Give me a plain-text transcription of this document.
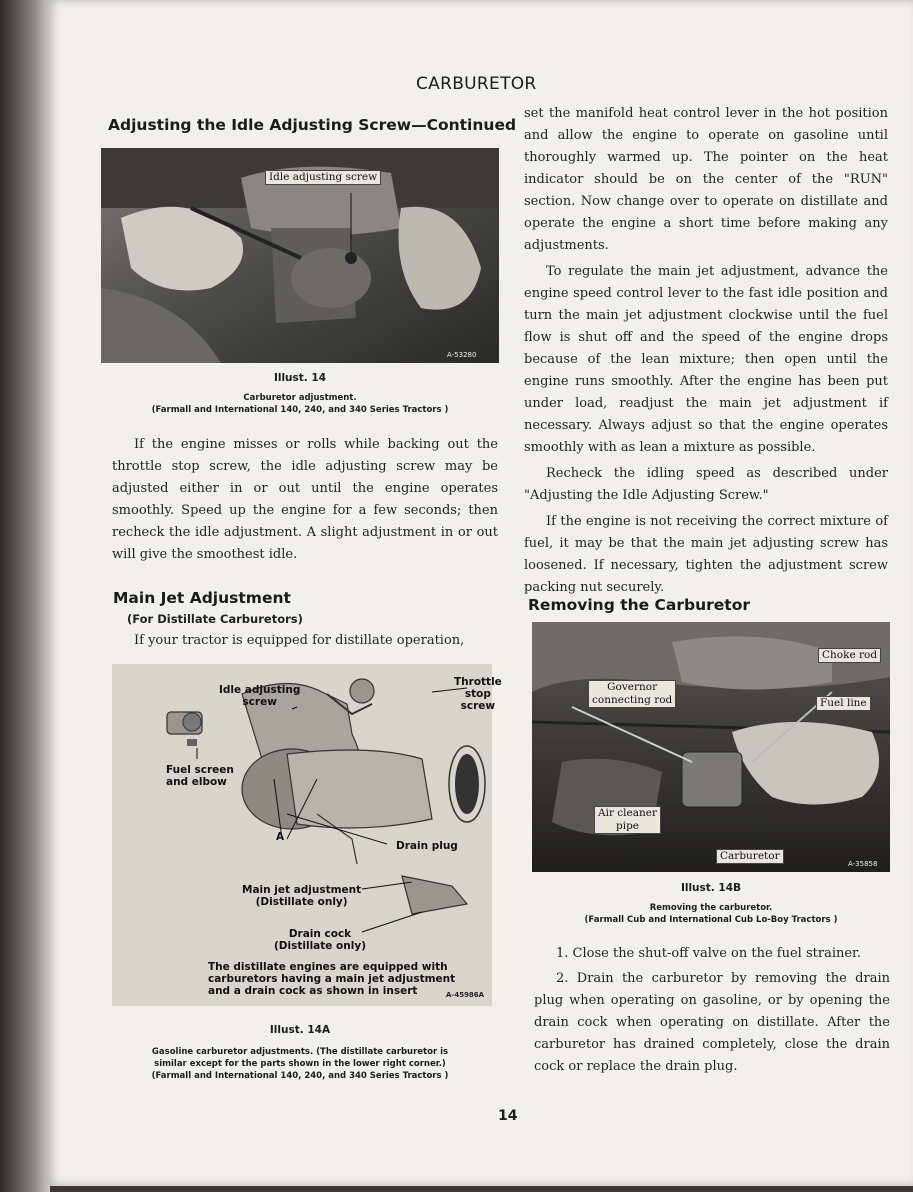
CARBURETOR
Adjusting the Idle Adjusting Screw—Continued
Idle adjusting screw
A-53280
Illust. 14
Carburetor adjustment.
(Farmall and International 140, 240, and 340 Series Tractors )

If the engine misses or rolls while backing out the throttle stop screw, the idle adjusting screw may be adjusted either in or out until the engine operates smoothly. Speed up the engine for a few seconds; then recheck the idle adjustment. A slight adjustment in or out will give the smoothest idle.

Main Jet Adjustment
(For Distillate Carburetors)

If your tractor is equipped for distillate operation,

Idle adjusting
screw
Throttle
stop
screw
Fuel screen
and elbow
A
Drain plug
Main jet adjustment
(Distillate only)
Drain cock
(Distillate only)
The distillate engines are equipped with
carburetors having a main jet adjustment
and a drain cock as shown in insert	A-45986A
Illust. 14A
Gasoline carburetor adjustments. (The distillate carburetor is
similar except for the parts shown in the lower right corner.)
(Farmall and International 140, 240, and 340 Series Tractors )

set the manifold heat control lever in the hot position and allow the engine to operate on gasoline until thoroughly warmed up. The pointer on the heat indicator should be on the center of the "RUN" section. Now change over to operate on distillate and operate the engine a short time before making any adjustments.

To regulate the main jet adjustment, advance the engine speed control lever to the fast idle position and turn the main jet adjustment clockwise until the fuel flow is shut off and the speed of the engine drops because of the lean mixture; then open until the engine runs smoothly. After the engine has been put under load, readjust the main jet adjustment if necessary. Always adjust so that the engine operates smoothly with as lean a mixture as possible.

Recheck the idling speed as described under "Adjusting the Idle Adjusting Screw."

If the engine is not receiving the correct mixture of fuel, it may be that the main jet adjusting screw has loosened. If necessary, tighten the adjustment screw packing nut securely.

Removing the Carburetor
Choke rod
Governor
connecting rod	Fuel line
Air cleaner
pipe
Carburetor
A-35858
Illust. 14B
Removing the carburetor.
(Farmall Cub and International Cub Lo-Boy Tractors )

1. Close the shut-off valve on the fuel strainer.

2. Drain the carburetor by removing the drain plug when operating on gasoline, or by opening the drain cock when operating on distillate. After the carburetor has drained completely, close the drain cock or replace the drain plug.

14
